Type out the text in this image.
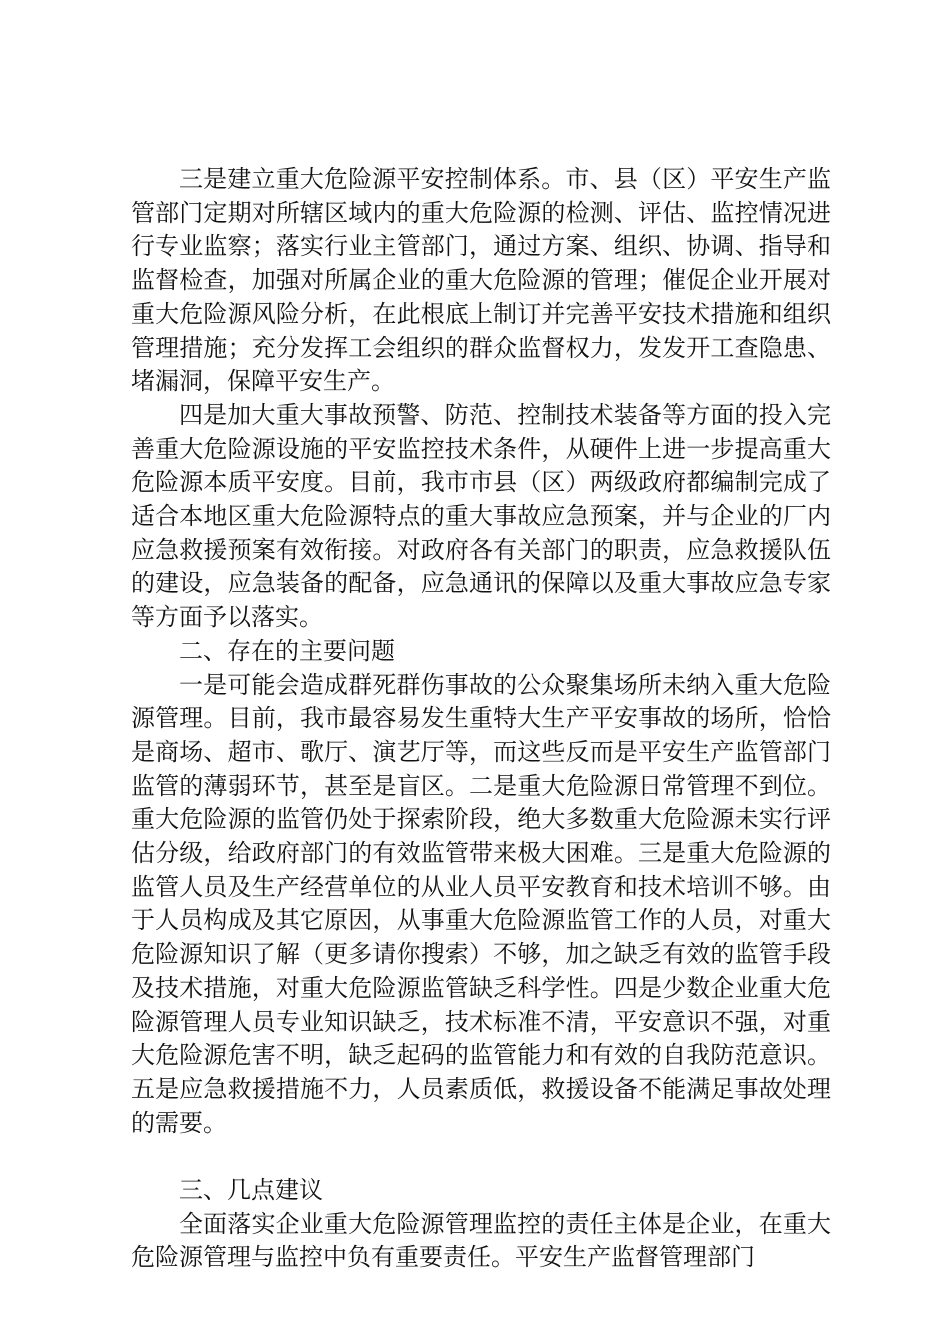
三是建立重大危险源平安控制体系。市、县（区）平安生产监管部门定期对所辖区域内的重大危险源的检测、评估、监控情况进行专业监察；落实行业主管部门，通过方案、组织、协调、指导和监督检查，加强对所属企业的重大危险源的管理；催促企业开展对重大危险源风险分析，在此根底上制订并完善平安技术措施和组织管理措施；充分发挥工会组织的群众监督权力，发发开工查隐患、堵漏洞，保障平安生产。

四是加大重大事故预警、防范、控制技术装备等方面的投入完善重大危险源设施的平安监控技术条件，从硬件上进一步提高重大危险源本质平安度。目前，我市市县（区）两级政府都编制完成了适合本地区重大危险源特点的重大事故应急预案，并与企业的厂内应急救援预案有效衔接。对政府各有关部门的职责，应急救援队伍的建设，应急装备的配备，应急通讯的保障以及重大事故应急专家等方面予以落实。

二、存在的主要问题

一是可能会造成群死群伤事故的公众聚集场所未纳入重大危险源管理。目前，我市最容易发生重特大生产平安事故的场所，恰恰是商场、超市、歌厅、演艺厅等，而这些反而是平安生产监管部门监管的薄弱环节，甚至是盲区。二是重大危险源日常管理不到位。重大危险源的监管仍处于探索阶段，绝大多数重大危险源未实行评估分级，给政府部门的有效监管带来极大困难。三是重大危险源的监管人员及生产经营单位的从业人员平安教育和技术培训不够。由于人员构成及其它原因，从事重大危险源监管工作的人员，对重大危险源知识了解（更多请你搜索）不够，加之缺乏有效的监管手段及技术措施，对重大危险源监管缺乏科学性。四是少数企业重大危险源管理人员专业知识缺乏，技术标准不清，平安意识不强，对重大危险源危害不明，缺乏起码的监管能力和有效的自我防范意识。五是应急救援措施不力，人员素质低，救援设备不能满足事故处理的需要。

三、几点建议

全面落实企业重大危险源管理监控的责任主体是企业，在重大危险源管理与监控中负有重要责任。平安生产监督管理部门
